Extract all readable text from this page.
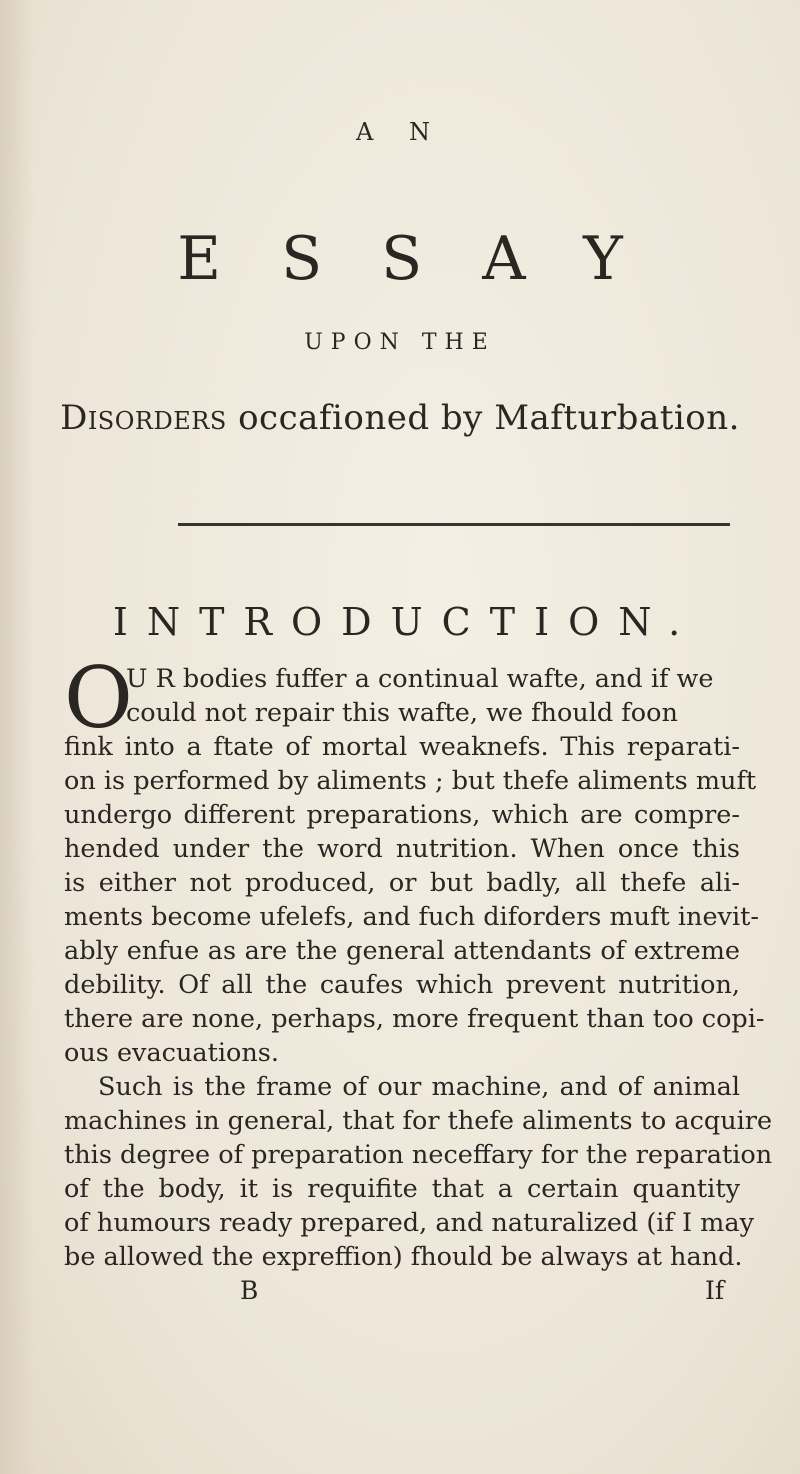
A N
ESSAY
UPON THE
Disorders occafioned by Mafturbation.
INTRODUCTION.
O
U R bodies fuffer a continual wafte, and if we
could not repair this wafte, we fhould foon
fink into a ftate of mortal weaknefs. This reparati-
on is performed by aliments ; but thefe aliments muft
undergo different preparations, which are compre-
hended under the word nutrition. When once this
is either not produced, or but badly, all thefe ali-
ments become ufelefs, and fuch diforders muft inevit-
ably enfue as are the general attendants of extreme
debility. Of all the caufes which prevent nutrition,
there are none, perhaps, more frequent than too copi-
ous evacuations.
Such is the frame of our machine, and of animal
machines in general, that for thefe aliments to acquire
this degree of preparation neceffary for the reparation
of the body, it is requifite that a certain quantity
of humours ready prepared, and naturalized (if I may
be allowed the expreffion) fhould be always at hand.
B	If
